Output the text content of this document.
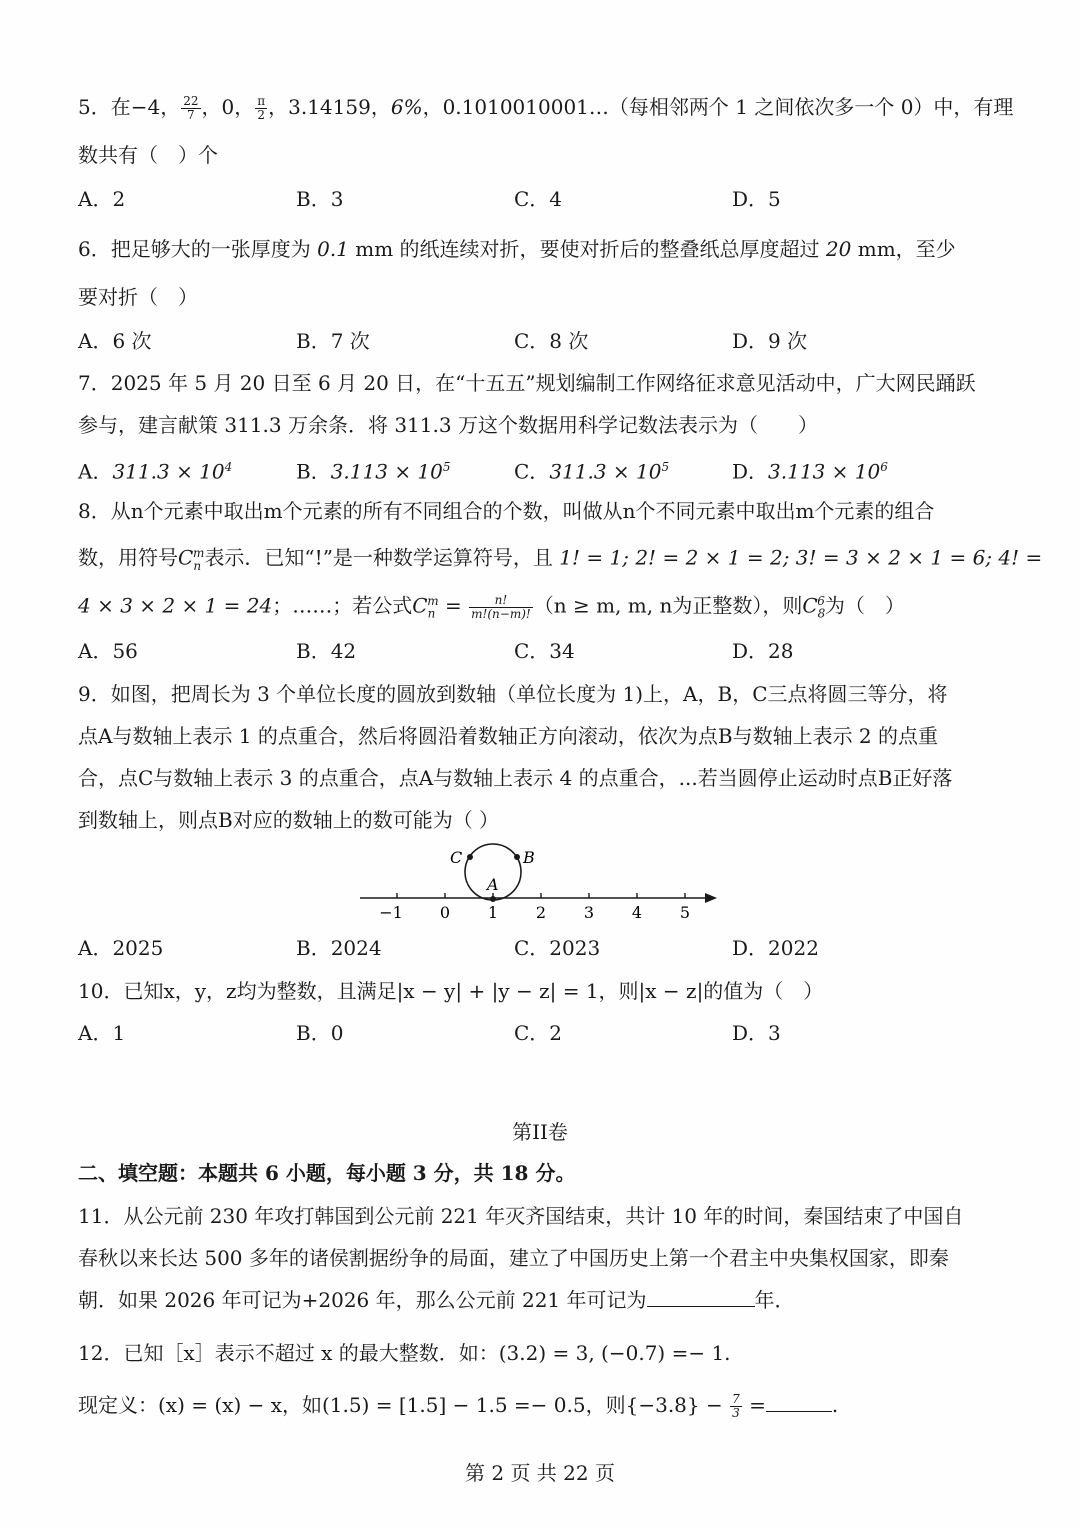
5．在−4， $\frac{22}{7}$ ，0， $\frac{\pi}{2}$ ，3.14159，6%，0.1010010001…（每相邻两个 1 之间依次多一个 0）中，有理
数共有（　）个
A．2	B．3	C．4	D．5
6．把足够大的一张厚度为 0.1 mm 的纸连续对折，要使对折后的整叠纸总厚度超过 20 mm，至少
要对折（　）
A．6 次	B．7 次	C．8 次	D．9 次
7．2025 年 5 月 20 日至 6 月 20 日，在“十五五”规划编制工作网络征求意见活动中，广大网民踊跃
参与，建言献策 311.3 万余条．将 311.3 万这个数据用科学记数法表示为（　　）
A．$311.3 \times 10^4$	B．$3.113 \times 10^5$	C．$311.3 \times 10^5$	D．$3.113 \times 10^6$
8．从n个元素中取出m个元素的所有不同组合的个数，叫做从n个不同元素中取出m个元素的组合
数，用符号$C_n^m$表示．已知“!”是一种数学运算符号，且 1! = 1; 2! = 2 × 1 = 2; 3! = 3 × 2 × 1 = 6; 4! =
4 × 3 × 2 × 1 = 24；……；若公式$C_n^m = \frac{n!}{m!(n-m)!} (n \ge m$, m, n为正整数），则$C_8^6$为（　）
A．56	B．42	C．34	D．28
9．如图，把周长为 3 个单位长度的圆放到数轴（单位长度为 1)上，A，B，C三点将圆三等分，将
点A与数轴上表示 1 的点重合，然后将圆沿着数轴正方向滚动，依次为点B与数轴上表示 2 的点重
合，点C与数轴上表示 3 的点重合，点A与数轴上表示 4 的点重合，...若当圆停止运动时点B正好落
到数轴上，则点B对应的数轴上的数可能为（ ）
C	B
A
−1 0 1 2 3 4 5
A．2025	B．2024	C．2023	D．2022
10．已知x，y，z均为整数，且满足|x − y| + |y − z| = 1，则|x − z|的值为（　）
A．1	B．0	C．2	D．3
第II卷
二、填空题：本题共 6 小题，每小题 3 分，共 18 分。
11．从公元前 230 年攻打韩国到公元前 221 年灭齐国结束，共计 10 年的时间，秦国结束了中国自
春秋以来长达 500 多年的诸侯割据纷争的局面，建立了中国历史上第一个君主中央集权国家，即秦
朝．如果 2026 年可记为+2026 年，那么公元前 221 年可记为	年．
12．已知［x］表示不超过 x 的最大整数．如：(3.2) = 3, (−0.7) =− 1.
现定义：(x) = (x) − x，如(1.5) = [1.5] − 1.5 =− 0.5，则$\{-3.8\} - \frac{7}{3}$ =	.
第 2 页 共 22 页
